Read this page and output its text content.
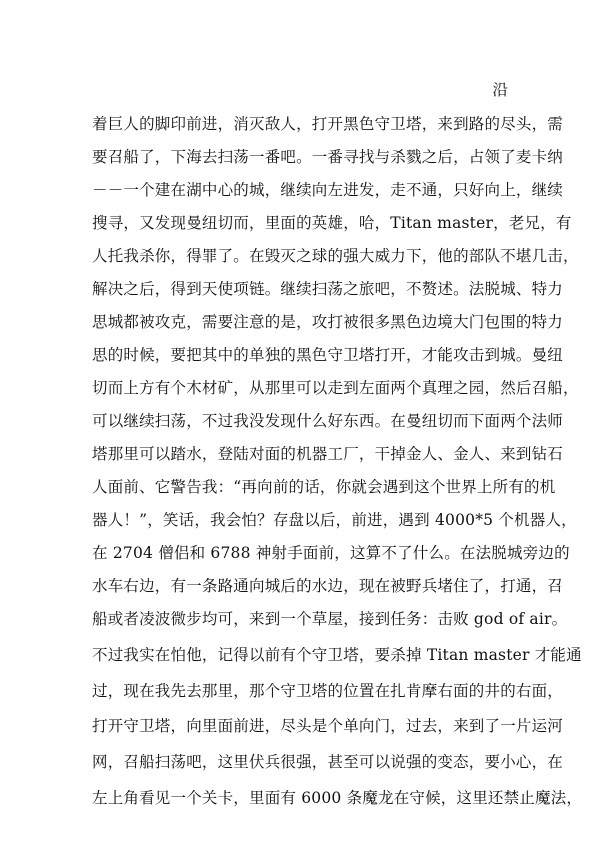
沿
着巨人的脚印前进，消灭敌人，打开黑色守卫塔，来到路的尽头，需
要召船了，下海去扫荡一番吧。一番寻找与杀戮之后，占领了麦卡纳
－－一个建在湖中心的城，继续向左进发，走不通，只好向上，继续
搜寻，又发现曼纽切而，里面的英雄，哈，Titan master，老兄，有
人托我杀你，得罪了。在毁灭之球的强大威力下，他的部队不堪几击，
解决之后，得到天使项链。继续扫荡之旅吧，不赘述。法脱城、特力
思城都被攻克，需要注意的是，攻打被很多黑色边境大门包围的特力
思的时候，要把其中的单独的黑色守卫塔打开，才能攻击到城。曼纽
切而上方有个木材矿，从那里可以走到左面两个真理之园，然后召船，
可以继续扫荡，不过我没发现什么好东西。在曼纽切而下面两个法师
塔那里可以踏水，登陆对面的机器工厂，干掉金人、金人、来到钻石
人面前、它警告我：“再向前的话，你就会遇到这个世界上所有的机
器人！”，笑话，我会怕？存盘以后，前进，遇到 4000*5 个机器人，
在 2704 僧侣和 6788 神射手面前，这算不了什么。在法脱城旁边的
水车右边，有一条路通向城后的水边，现在被野兵堵住了，打通，召
船或者凌波微步均可，来到一个草屋，接到任务：击败 god of air。
不过我实在怕他，记得以前有个守卫塔，要杀掉 Titan master 才能通
过，现在我先去那里，那个守卫塔的位置在扎肯摩右面的井的右面，
打开守卫塔，向里面前进，尽头是个单向门，过去，来到了一片运河
网，召船扫荡吧，这里伏兵很强，甚至可以说强的变态，要小心，在
左上角看见一个关卡，里面有 6000 条魔龙在守候，这里还禁止魔法，
